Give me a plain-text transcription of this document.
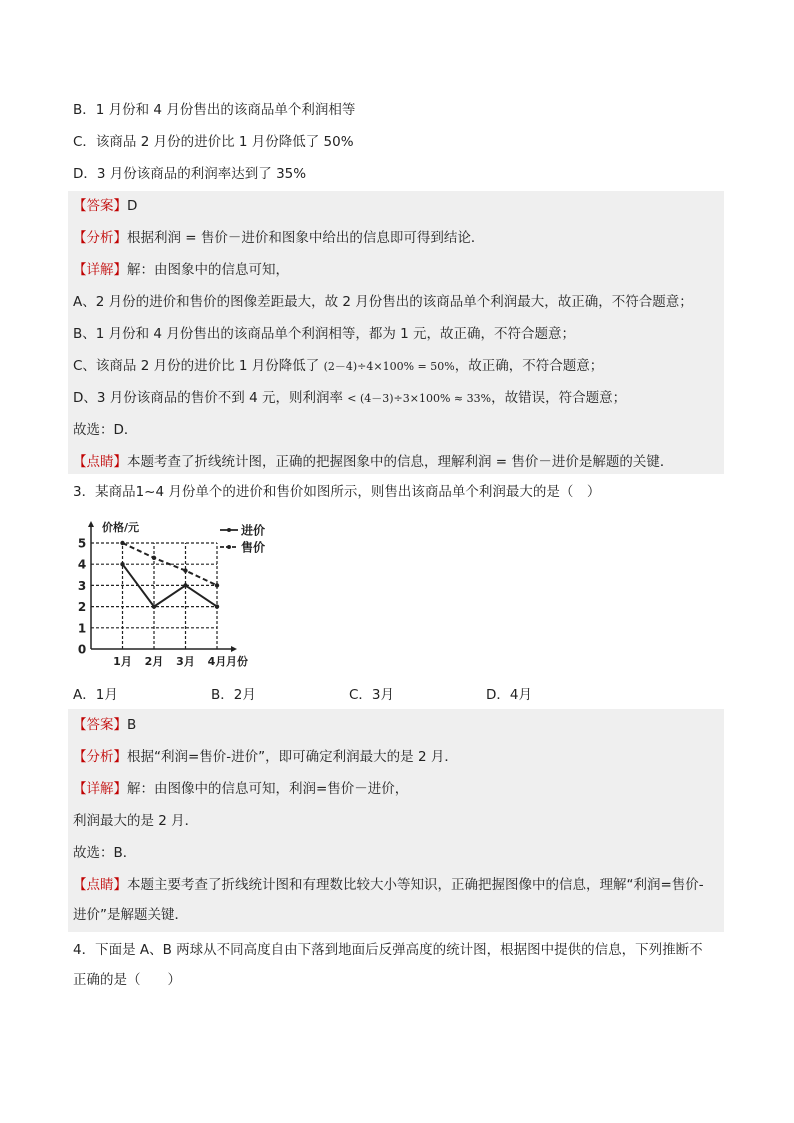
B．1 月份和 4 月份售出的该商品单个利润相等
C．该商品 2 月份的进价比 1 月份降低了 50%
D．3 月份该商品的利润率达到了 35%
【答案】D
【分析】根据利润 = 售价－进价和图象中给出的信息即可得到结论．
【详解】解：由图象中的信息可知，
A、2 月份的进价和售价的图像差距最大，故 2 月份售出的该商品单个利润最大，故正确，不符合题意；
B、1 月份和 4 月份售出的该商品单个利润相等，都为 1 元，故正确，不符合题意；
C、该商品 2 月份的进价比 1 月份降低了 (2－4)÷4×100% = 50%，故正确，不符合题意；
D、3 月份该商品的售价不到 4 元，则利润率 < (4－3)÷3×100% ≈ 33%，故错误，符合题意；
故选：D．
【点睛】本题考查了折线统计图，正确的把握图象中的信息，理解利润 = 售价－进价是解题的关键．
3．某商品1~4 月份单个的进价和售价如图所示，则售出该商品单个利润最大的是（　）
0
1
2
3
4
5
1月 2月 3月 4月
价格/元
月份
进价
售价
A．1月	B．2月	C．3月	D．4月
【答案】B
【分析】根据“利润=售价-进价”，即可确定利润最大的是 2 月．
【详解】解：由图像中的信息可知，利润=售价－进价，
利润最大的是 2 月．
故选：B．
【点睛】本题主要考查了折线统计图和有理数比较大小等知识，正确把握图像中的信息，理解“利润=售价-
进价”是解题关键．
4．下面是 A、B 两球从不同高度自由下落到地面后反弹高度的统计图，根据图中提供的信息，下列推断不
正确的是（　　）
